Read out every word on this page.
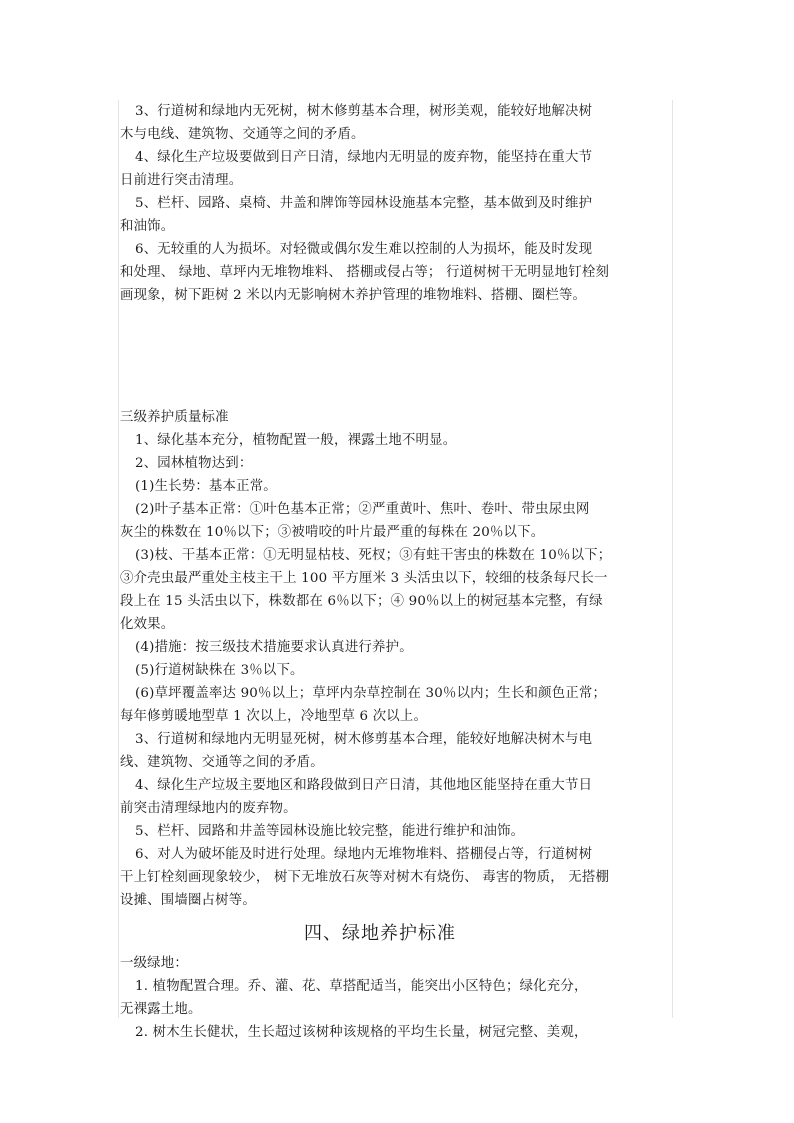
3、行道树和绿地内无死树，树木修剪基本合理，树形美观，能较好地解决树
木与电线、建筑物、交通等之间的矛盾。
4、绿化生产垃圾要做到日产日清，绿地内无明显的废弃物，能坚持在重大节
日前进行突击清理。
5、栏杆、园路、桌椅、井盖和牌饰等园林设施基本完整，基本做到及时维护
和油饰。
6、无较重的人为损坏。对轻微或偶尔发生难以控制的人为损坏，能及时发现
和处理、 绿地、草坪内无堆物堆料、 搭棚或侵占等； 行道树树干无明显地钉栓刻
画现象，树下距树 2 米以内无影响树木养护管理的堆物堆料、搭棚、圈栏等。
三级养护质量标准
1、绿化基本充分，植物配置一般，裸露土地不明显。
2、园林植物达到：
(1)生长势：基本正常。
(2)叶子基本正常：①叶色基本正常；②严重黄叶、焦叶、卷叶、带虫尿虫网
灰尘的株数在 10％以下；③被啃咬的叶片最严重的每株在 20％以下。
(3)枝、干基本正常：①无明显枯枝、死杈；③有蛀干害虫的株数在 10％以下；
③介壳虫最严重处主枝主干上 100 平方厘米 3 头活虫以下，较细的枝条每尺长一
段上在 15 头活虫以下，株数都在 6％以下；④ 90％以上的树冠基本完整，有绿
化效果。
(4)措施：按三级技术措施要求认真进行养护。
(5)行道树缺株在 3％以下。
(6)草坪覆盖率达 90％以上；草坪内杂草控制在 30％以内；生长和颜色正常；
每年修剪暖地型草 1 次以上，冷地型草 6 次以上。
3、行道树和绿地内无明显死树，树木修剪基本合理，能较好地解决树木与电
线、建筑物、交通等之间的矛盾。
4、绿化生产垃圾主要地区和路段做到日产日清，其他地区能坚持在重大节日
前突击清理绿地内的废弃物。
5、栏杆、园路和井盖等园林设施比较完整，能进行维护和油饰。
6、对人为破坏能及时进行处理。绿地内无堆物堆料、搭棚侵占等，行道树树
干上钉栓刻画现象较少， 树下无堆放石灰等对树木有烧伤、 毒害的物质， 无搭棚
设摊、围墙圈占树等。
四、绿地养护标准
一级绿地：
1. 植物配置合理。乔、灌、花、草搭配适当，能突出小区特色；绿化充分，
无裸露土地。
2. 树木生长健状，生长超过该树种该规格的平均生长量，树冠完整、美观，
